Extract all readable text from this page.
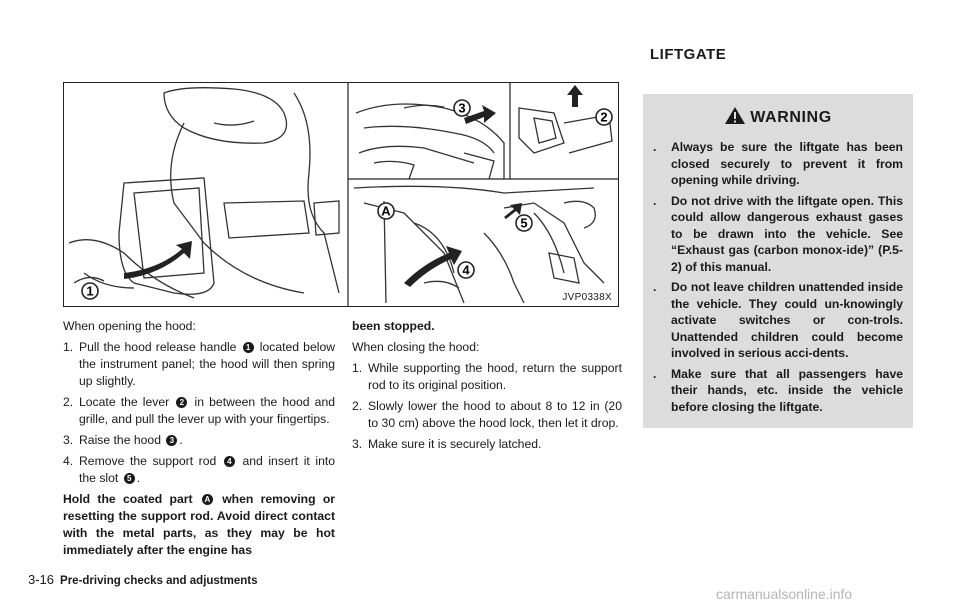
1
2
3
4
5
A
JVP0338X

When opening the hood:

1. Pull the hood release handle 1 located below the instrument panel; the hood will then spring up slightly.
2. Locate the lever 2 in between the hood and grille, and pull the lever up with your fingertips.
3. Raise the hood 3 .
4. Remove the support rod 4 and insert it into the slot 5 .

Hold the coated part A when removing or resetting the support rod. Avoid direct contact with the metal parts, as they may be hot immediately after the engine has

been stopped.

When closing the hood:

1. While supporting the hood, return the support rod to its original position.
2. Slowly lower the hood to about 8 to 12 in (20 to 30 cm) above the hood lock, then let it drop.
3. Make sure it is securely latched.
LIFTGATE
WARNING
. Always be sure the liftgate has been closed securely to prevent it from opening while driving.
. Do not drive with the liftgate open. This could allow dangerous exhaust gases to be drawn into the vehicle. See “Exhaust gas (carbon monox-ide)” (P.5-2) of this manual.
. Do not leave children unattended inside the vehicle. They could un-knowingly activate switches or con-trols. Unattended children could become involved in serious acci-dents.
. Make sure that all passengers have their hands, etc. inside the vehicle before closing the liftgate.
3-16 Pre-driving checks and adjustments
carmanualsonline.info
